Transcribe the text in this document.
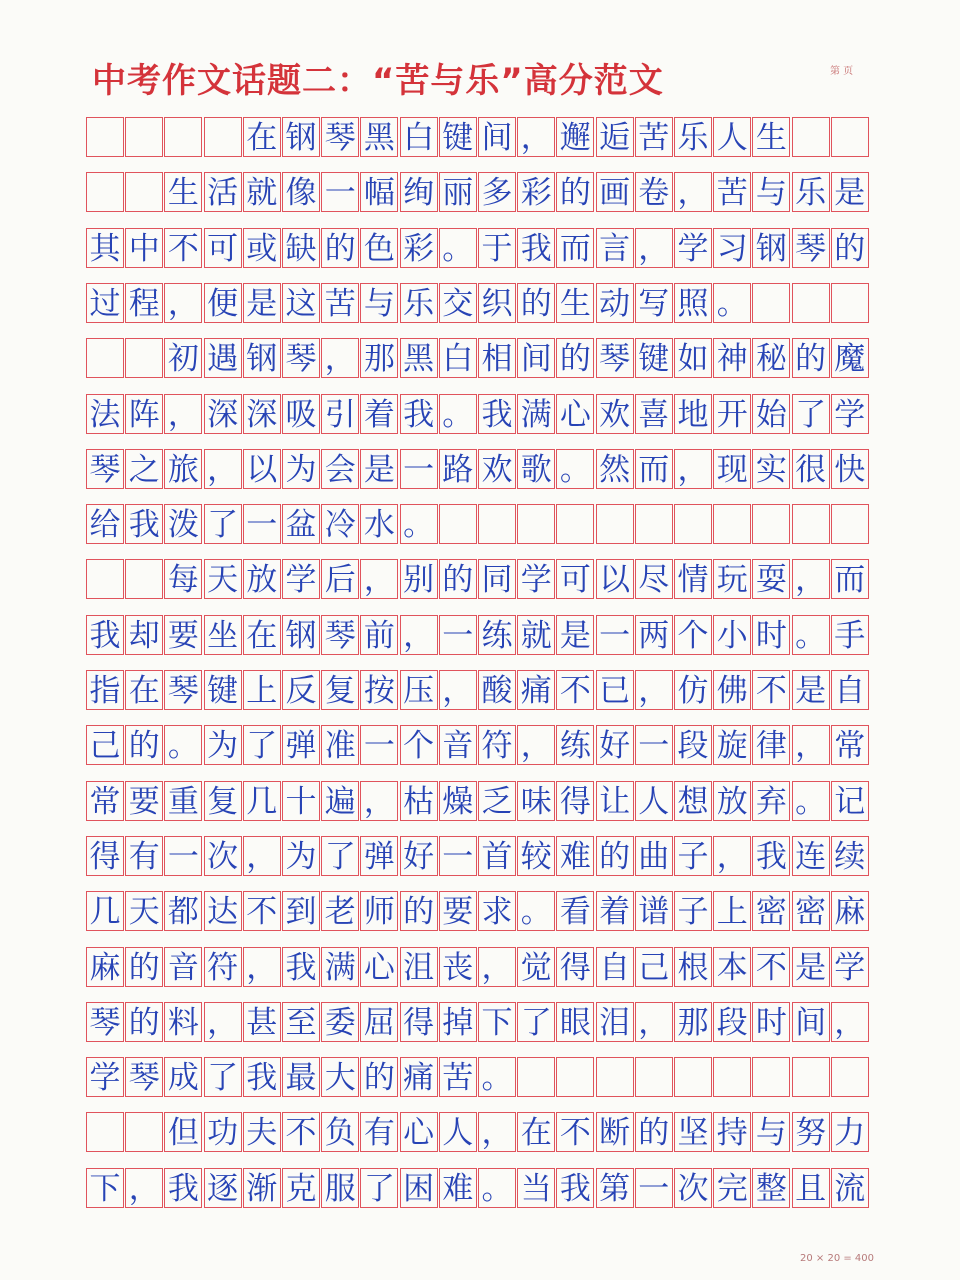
中考作文话题二：“苦与乐”高分范文	第 页
在 钢 琴 黑 白 键 间 ， 邂 逅 苦 乐 人 生
生 活 就 像 一 幅 绚 丽 多 彩 的 画 卷 ， 苦 与 乐 是
其 中 不 可 或 缺 的 色 彩 。 于 我 而 言 ， 学 习 钢 琴 的
过 程 ， 便 是 这 苦 与 乐 交 织 的 生 动 写 照 。
初 遇 钢 琴 ， 那 黑 白 相 间 的 琴 键 如 神 秘 的 魔
法 阵 ， 深 深 吸 引 着 我 。 我 满 心 欢 喜 地 开 始 了 学
琴 之 旅 ， 以 为 会 是 一 路 欢 歌 。 然 而 ， 现 实 很 快
给 我 泼 了 一 盆 冷 水 。
每 天 放 学 后 ， 别 的 同 学 可 以 尽 情 玩 耍 ， 而
我 却 要 坐 在 钢 琴 前 ， 一 练 就 是 一 两 个 小 时 。 手
指 在 琴 键 上 反 复 按 压 ， 酸 痛 不 已 ， 仿 佛 不 是 自
己 的 。 为 了 弹 准 一 个 音 符 ， 练 好 一 段 旋 律 ， 常
常 要 重 复 几 十 遍 ， 枯 燥 乏 味 得 让 人 想 放 弃 。 记
得 有 一 次 ， 为 了 弹 好 一 首 较 难 的 曲 子 ， 我 连 续
几 天 都 达 不 到 老 师 的 要 求 。 看 着 谱 子 上 密 密 麻
麻 的 音 符 ， 我 满 心 沮 丧 ， 觉 得 自 己 根 本 不 是 学
琴 的 料 ， 甚 至 委 屈 得 掉 下 了 眼 泪 ， 那 段 时 间 ，
学 琴 成 了 我 最 大 的 痛 苦 。
但 功 夫 不 负 有 心 人 ， 在 不 断 的 坚 持 与 努 力
下 ， 我 逐 渐 克 服 了 困 难 。 当 我 第 一 次 完 整 且 流
20 × 20 = 400
